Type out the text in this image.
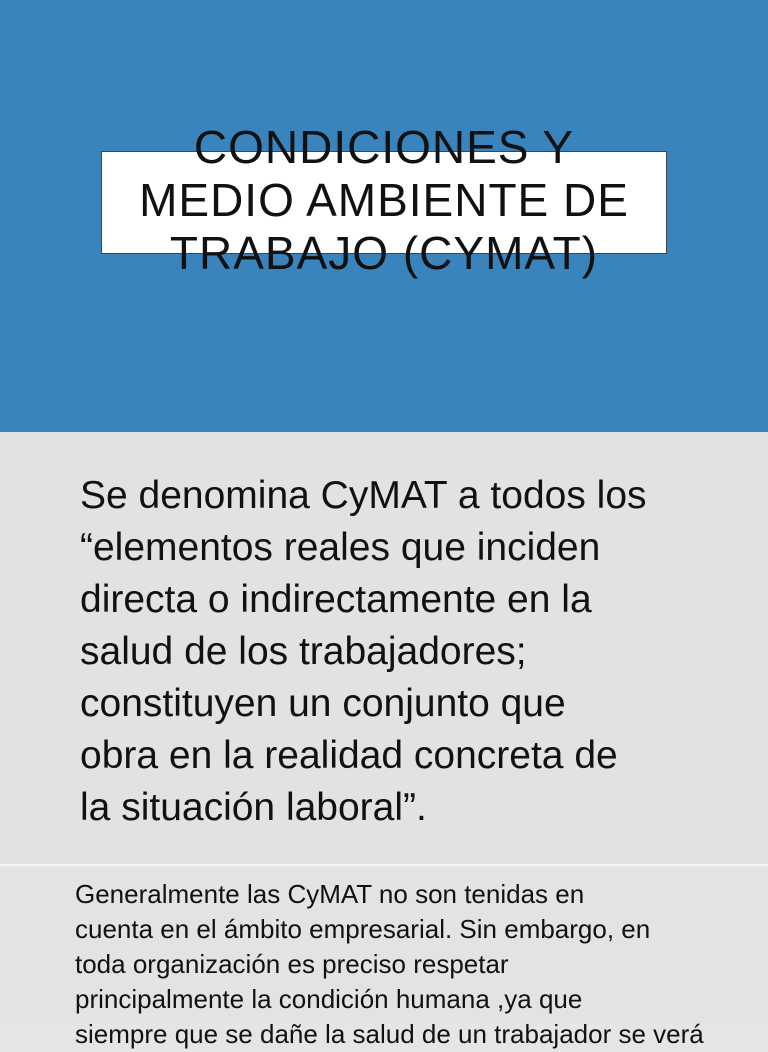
CONDICIONES Y
MEDIO AMBIENTE DE
TRABAJO (CYMAT)

Se denomina CyMAT a todos los
“elementos reales que inciden
directa o indirectamente en la
salud de los trabajadores;
constituyen un conjunto que
obra en la realidad concreta de
la situación laboral”.

Generalmente las CyMAT no son tenidas en
cuenta en el ámbito empresarial. Sin embargo, en
toda organización es preciso respetar
principalmente la condición humana ,ya que
siempre que se dañe la salud de un trabajador se verá
